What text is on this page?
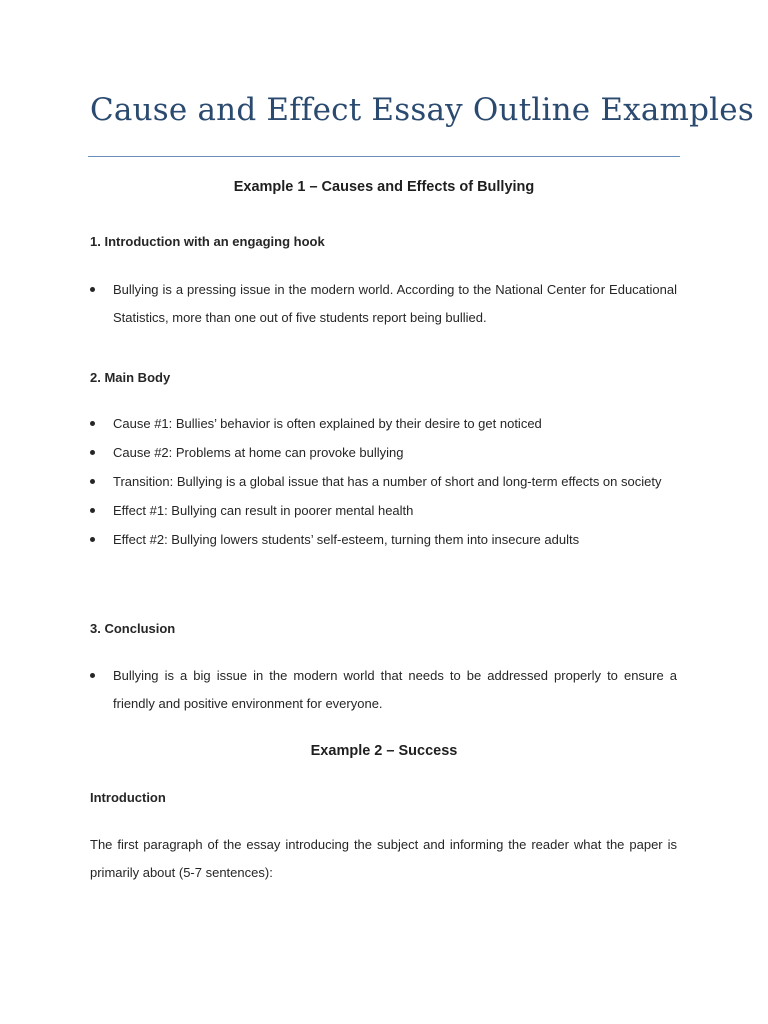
Cause and Effect Essay Outline Examples
Example 1 – Causes and Effects of Bullying
1. Introduction with an engaging hook
Bullying is a pressing issue in the modern world. According to the National Center for Educational Statistics, more than one out of five students report being bullied.
2. Main Body
Cause #1: Bullies’ behavior is often explained by their desire to get noticed
Cause #2: Problems at home can provoke bullying
Transition: Bullying is a global issue that has a number of short and long-term effects on society
Effect #1: Bullying can result in poorer mental health
Effect #2: Bullying lowers students’ self-esteem, turning them into insecure adults
3. Conclusion
Bullying is a big issue in the modern world that needs to be addressed properly to ensure a friendly and positive environment for everyone.
Example 2 – Success
Introduction

The first paragraph of the essay introducing the subject and informing the reader what the paper is primarily about (5-7 sentences):
